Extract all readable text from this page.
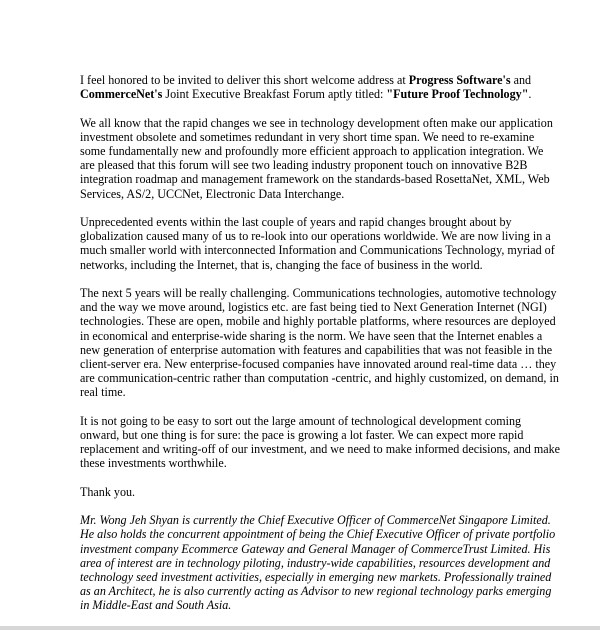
I feel honored to be invited to deliver this short welcome address at Progress Software's and
CommerceNet's Joint Executive Breakfast Forum aptly titled: "Future Proof Technology".

We all know that the rapid changes we see in technology development often make our application
investment obsolete and sometimes redundant in very short time span. We need to re-examine
some fundamentally new and profoundly more efficient approach to application integration. We
are pleased that this forum will see two leading industry proponent touch on innovative B2B
integration roadmap and management framework on the standards-based RosettaNet, XML, Web
Services, AS/2, UCCNet, Electronic Data Interchange.

Unprecedented events within the last couple of years and rapid changes brought about by
globalization caused many of us to re-look into our operations worldwide. We are now living in a
much smaller world with interconnected Information and Communications Technology, myriad of
networks, including the Internet, that is, changing the face of business in the world.

The next 5 years will be really challenging. Communications technologies, automotive technology
and the way we move around, logistics etc. are fast being tied to Next Generation Internet (NGI)
technologies. These are open, mobile and highly portable platforms, where resources are deployed
in economical and enterprise-wide sharing is the norm. We have seen that the Internet enables a
new generation of enterprise automation with features and capabilities that was not feasible in the
client-server era. New enterprise-focused companies have innovated around real-time data … they
are communication-centric rather than computation -centric, and highly customized, on demand, in
real time.

It is not going to be easy to sort out the large amount of technological development coming
onward, but one thing is for sure: the pace is growing a lot faster. We can expect more rapid
replacement and writing-off of our investment, and we need to make informed decisions, and make
these investments worthwhile.

Thank you.

Mr. Wong Jeh Shyan is currently the Chief Executive Officer of CommerceNet Singapore Limited.
He also holds the concurrent appointment of being the Chief Executive Officer of private portfolio
investment company Ecommerce Gateway and General Manager of CommerceTrust Limited. His
area of interest are in technology piloting, industry-wide capabilities, resources development and
technology seed investment activities, especially in emerging new markets. Professionally trained
as an Architect, he is also currently acting as Advisor to new regional technology parks emerging
in Middle-East and South Asia.
